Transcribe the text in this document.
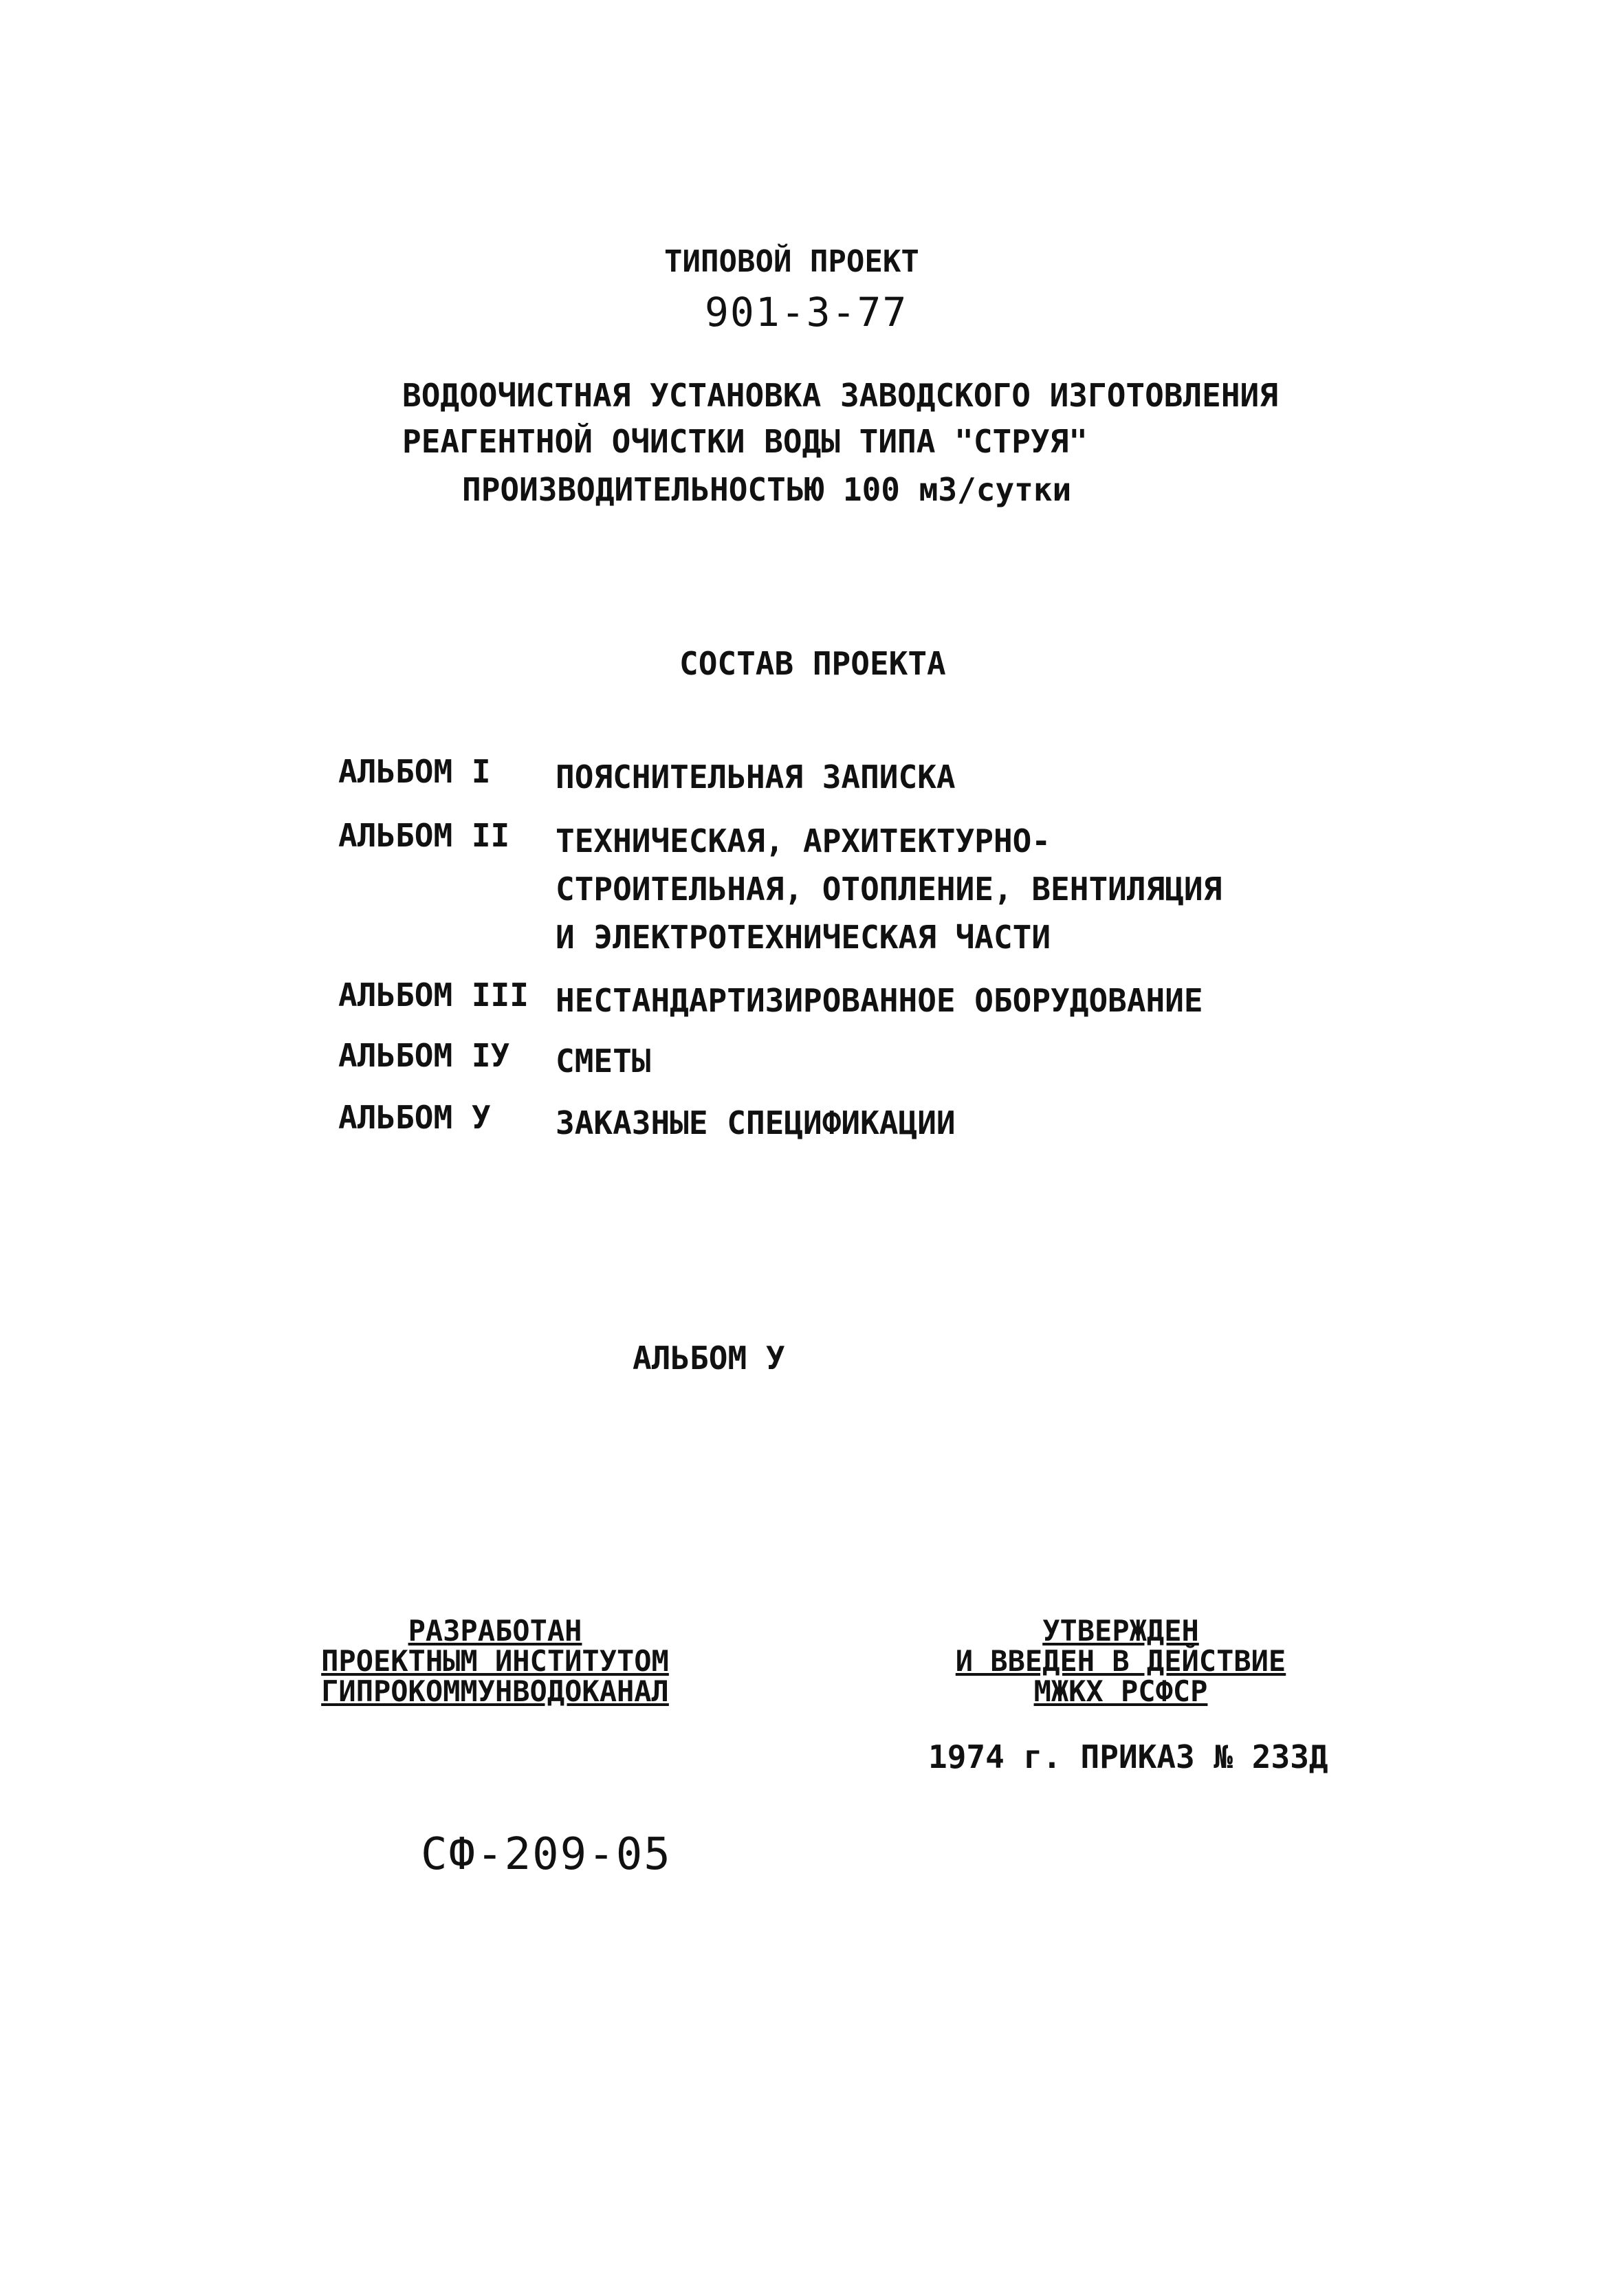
ТИПОВОЙ ПРОЕКТ
901-3-77
ВОДООЧИСТНАЯ УСТАНОВКА ЗАВОДСКОГО ИЗГОТОВЛЕНИЯ
РЕАГЕНТНОЙ ОЧИСТКИ ВОДЫ ТИПА "СТРУЯ"
ПРОИЗВОДИТЕЛЬНОСТЬЮ 100 м3/сутки
СОСТАВ ПРОЕКТА
АЛЬБОМ I ПОЯСНИТЕЛЬНАЯ ЗАПИСКА
АЛЬБОМ II ТЕХНИЧЕСКАЯ, АРХИТЕКТУРНО-
СТРОИТЕЛЬНАЯ, ОТОПЛЕНИЕ, ВЕНТИЛЯЦИЯ
И ЭЛЕКТРОТЕХНИЧЕСКАЯ ЧАСТИ
АЛЬБОМ III НЕСТАНДАРТИЗИРОВАННОЕ ОБОРУДОВАНИЕ
АЛЬБОМ IУ СМЕТЫ
АЛЬБОМ У ЗАКАЗНЫЕ СПЕЦИФИКАЦИИ
АЛЬБОМ У
РАЗРАБОТАН
ПРОЕКТНЫМ ИНСТИТУТОМ
ГИПРОКОММУНВОДОКАНАЛ
УТВЕРЖДЕН
И ВВЕДЕН В ДЕЙСТВИЕ
МЖКХ РСФСР
1974 г. ПРИКАЗ № 23ЗД
СФ-209-05
